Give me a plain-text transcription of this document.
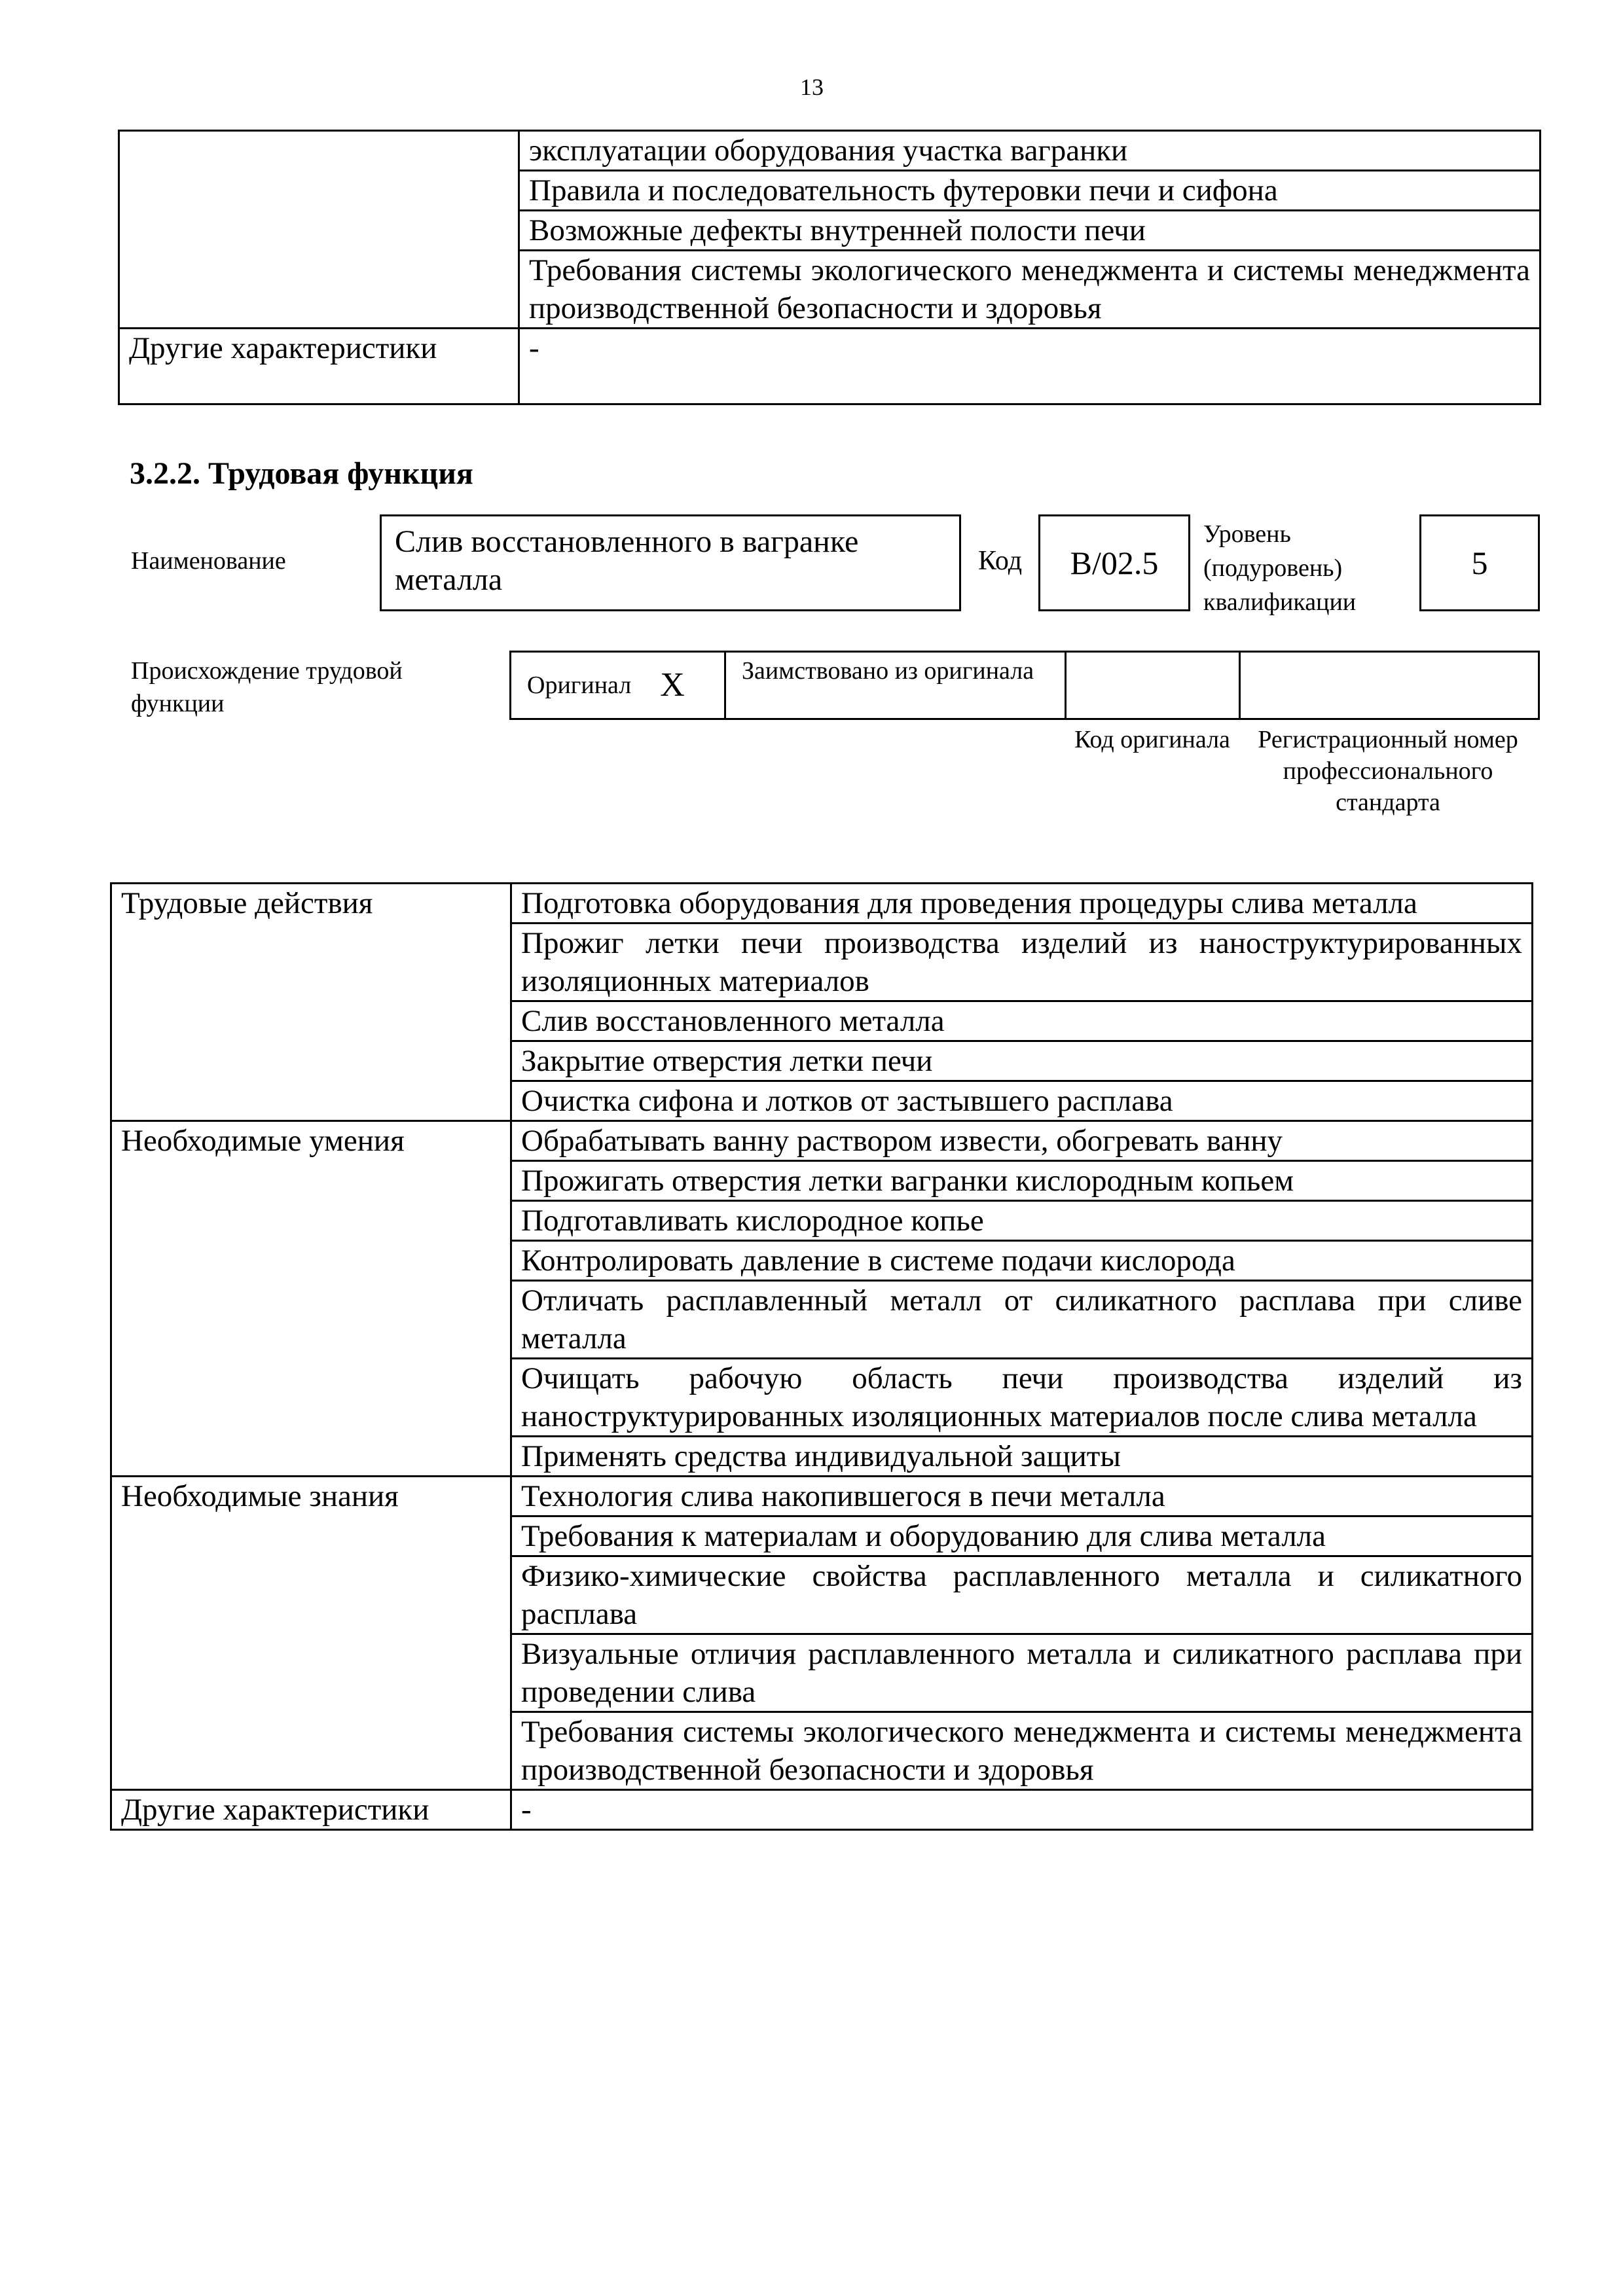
13
	эксплуатации оборудования участка вагранки
	Правила и последовательность футеровки печи и сифона
	Возможные дефекты внутренней полости печи
	Требования системы экологического менеджмента и системы менеджмента производственной безопасности и здоровья
Другие характеристики	-
3.2.2. Трудовая функция
Наименование
Слив восстановленного в вагранке металла
Код	B/02.5
Уровень (подуровень) квалификации
5
Происхождение трудовой функции
Оригинал X	Заимствовано из оригинала
Код оригинала	Регистрационный номер профессионального стандарта
Трудовые действия	Подготовка оборудования для проведения процедуры слива металла
	Прожиг летки печи производства изделий из наноструктурированных изоляционных материалов
	Слив восстановленного металла
	Закрытие отверстия летки печи
	Очистка сифона и лотков от застывшего расплава
Необходимые умения	Обрабатывать ванну раствором извести, обогревать ванну
	Прожигать отверстия летки вагранки кислородным копьем
	Подготавливать кислородное копье
	Контролировать давление в системе подачи кислорода
	Отличать расплавленный металл от силикатного расплава при сливе металла
	Очищать рабочую область печи производства изделий из наноструктурированных изоляционных материалов после слива металла
	Применять средства индивидуальной защиты
Необходимые знания	Технология слива накопившегося в печи металла
	Требования к материалам и оборудованию для слива металла
	Физико-химические свойства расплавленного металла и силикатного расплава
	Визуальные отличия расплавленного металла и силикатного расплава при проведении слива
	Требования системы экологического менеджмента и системы менеджмента производственной безопасности и здоровья
Другие характеристики	-
